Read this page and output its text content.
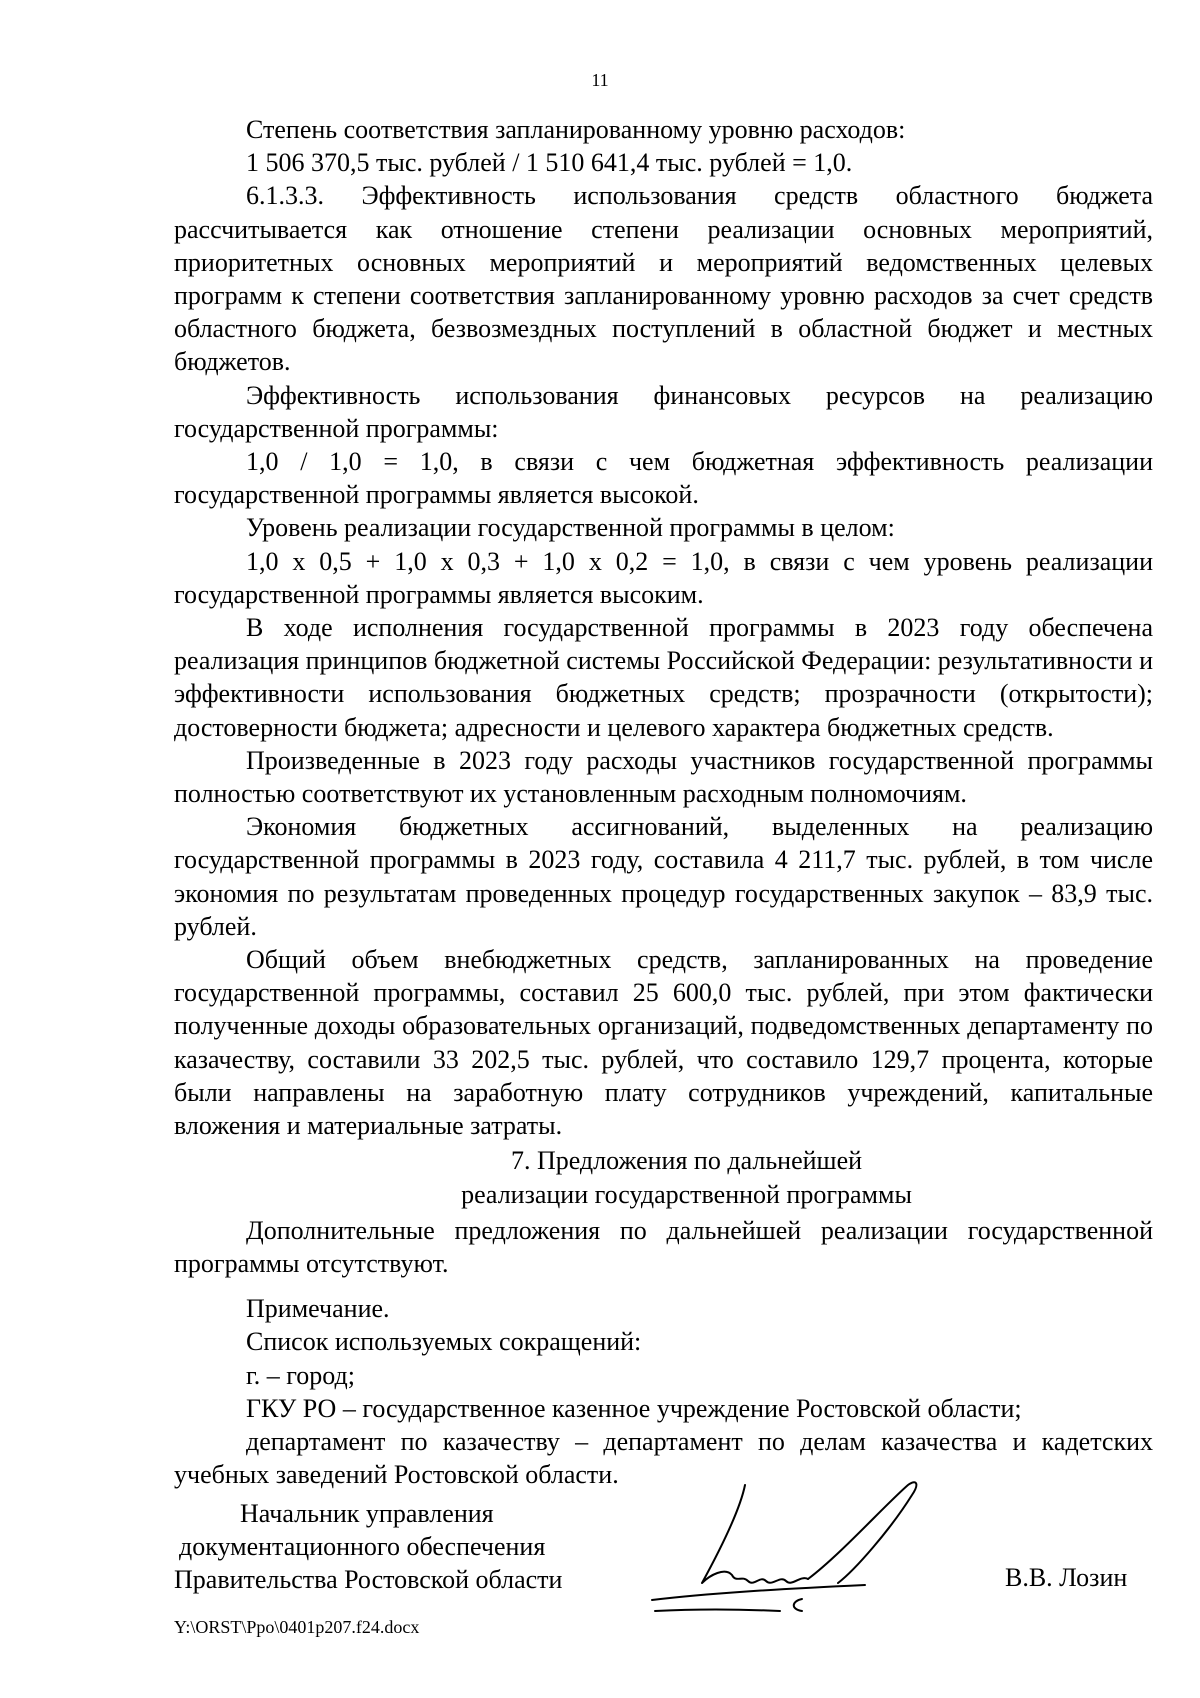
11

Степень соответствия запланированному уровню расходов:

1 506 370,5 тыс. рублей / 1 510 641,4 тыс. рублей = 1,0.

6.1.3.3. Эффективность использования средств областного бюджета рассчитывается как отношение степени реализации основных мероприятий, приоритетных основных мероприятий и мероприятий ведомственных целевых программ к степени соответствия запланированному уровню расходов за счет средств областного бюджета, безвозмездных поступлений в областной бюджет и местных бюджетов.

Эффективность использования финансовых ресурсов на реализацию государственной программы:

1,0 / 1,0 = 1,0, в связи с чем бюджетная эффективность реализации государственной программы является высокой.

Уровень реализации государственной программы в целом:

1,0 х 0,5 + 1,0 х 0,3 + 1,0 х 0,2 = 1,0, в связи с чем уровень реализации государственной программы является высоким.

В ходе исполнения государственной программы в 2023 году обеспечена реализация принципов бюджетной системы Российской Федерации: результативности и эффективности использования бюджетных средств; прозрачности (открытости); достоверности бюджета; адресности и целевого характера бюджетных средств.

Произведенные в 2023 году расходы участников государственной программы полностью соответствуют их установленным расходным полномочиям.

Экономия бюджетных ассигнований, выделенных на реализацию государственной программы в 2023 году, составила 4 211,7 тыс. рублей, в том числе экономия по результатам проведенных процедур государственных закупок – 83,9 тыс. рублей.

Общий объем внебюджетных средств, запланированных на проведение государственной программы, составил 25 600,0 тыс. рублей, при этом фактически полученные доходы образовательных организаций, подведомственных департаменту по казачеству, составили 33 202,5 тыс. рублей, что составило 129,7 процента, которые были направлены на заработную плату сотрудников учреждений, капитальные вложения и материальные затраты.

7. Предложения по дальнейшей
реализации государственной программы

Дополнительные предложения по дальнейшей реализации государственной программы отсутствуют.

Примечание.

Список используемых сокращений:

г. – город;

ГКУ РО – государственное казенное учреждение Ростовской области;

департамент по казачеству – департамент по делам казачества и кадетских учебных заведений Ростовской области.

Начальник управления
документационного обеспечения
Правительства Ростовской области	В.В. Лозин
Y:\ORST\Ppo\0401p207.f24.docx
